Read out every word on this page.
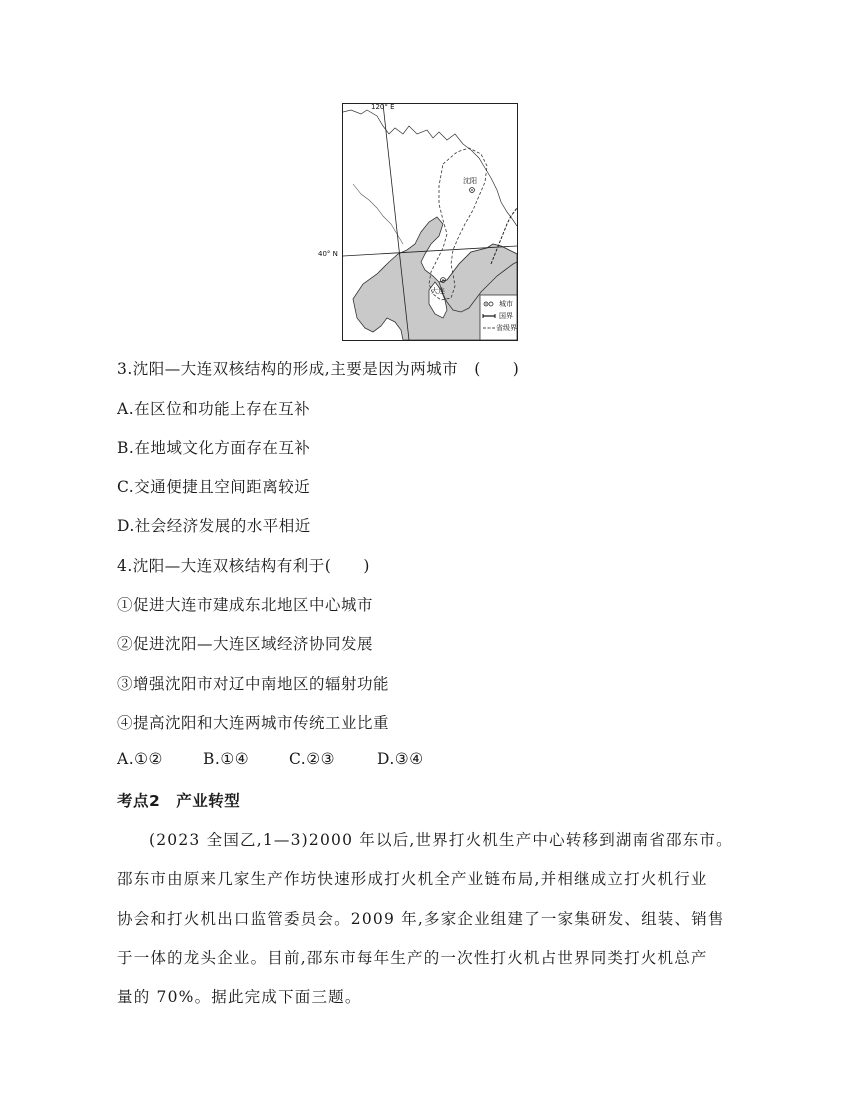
120° E
沈阳
大连
城市
国界
省级界
40° N
3.沈阳—大连双核结构的形成,主要是因为两城市　(　　)
A.在区位和功能上存在互补
B.在地域文化方面存在互补
C.交通便捷且空间距离较近
D.社会经济发展的水平相近
4.沈阳—大连双核结构有利于(　　)
①促进大连市建成东北地区中心城市
②促进沈阳—大连区域经济协同发展
③增强沈阳市对辽中南地区的辐射功能
④提高沈阳和大连两城市传统工业比重
A.①②	B.①④	C.②③	D.③④
考点2　产业转型
(2023 全国乙,1—3)2000 年以后,世界打火机生产中心转移到湖南省邵东市。
邵东市由原来几家生产作坊快速形成打火机全产业链布局,并相继成立打火机行业
协会和打火机出口监管委员会。2009 年,多家企业组建了一家集研发、组装、销售
于一体的龙头企业。目前,邵东市每年生产的一次性打火机占世界同类打火机总产
量的 70%。据此完成下面三题。
